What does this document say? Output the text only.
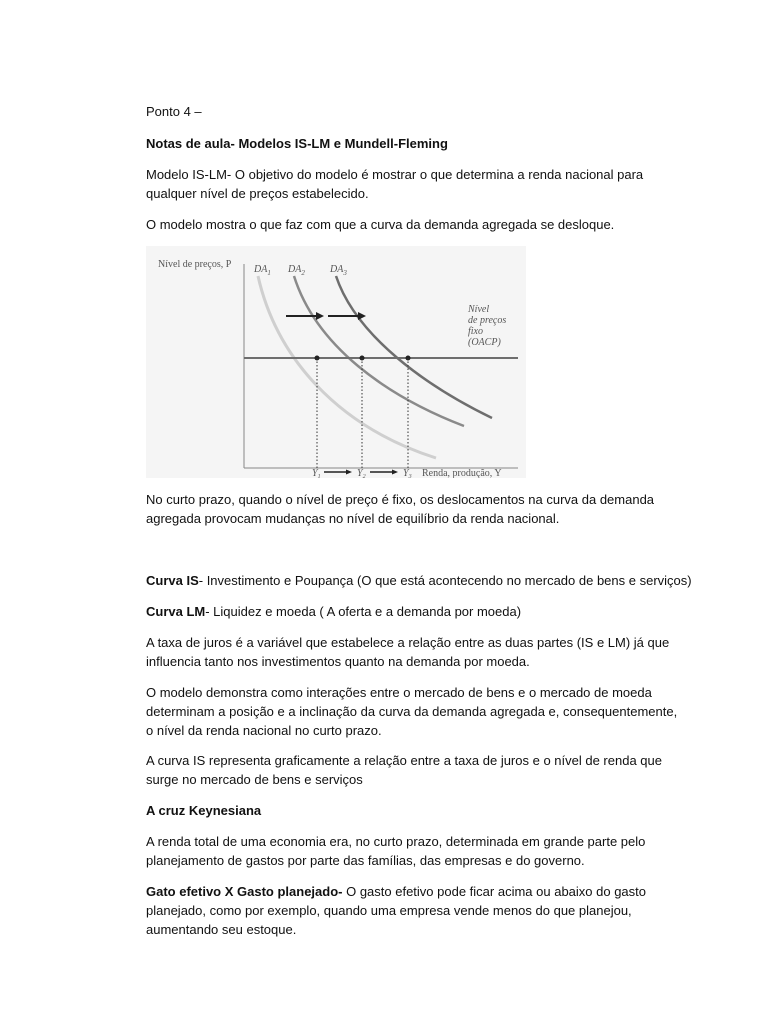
Ponto 4 –
Notas de aula- Modelos IS-LM e Mundell-Fleming
Modelo IS-LM- O objetivo do modelo é mostrar o que determina a renda nacional para qualquer nível de preços estabelecido.
O modelo mostra o que faz com que a curva da demanda agregada se desloque.
Nível de preços, P $DA_1$ $DA_2$	$DA_3$
Nível
de preços
fixo
(OACP)
$Y_1$	$Y_2$	$Y_3$ Renda, produção, Y
No curto prazo, quando o nível de preço é fixo, os deslocamentos na curva da demanda agregada provocam mudanças no nível de equilíbrio da renda nacional.
Curva IS- Investimento e Poupança (O que está acontecendo no mercado de bens e serviços)
Curva LM- Liquidez e moeda ( A oferta e a demanda por moeda)
A taxa de juros é a variável que estabelece a relação entre as duas partes (IS e LM) já que influencia tanto nos investimentos quanto na demanda por moeda.
O modelo demonstra como interações entre o mercado de bens e o mercado de moeda determinam a posição e a inclinação da curva da demanda agregada e, consequentemente, o nível da renda nacional no curto prazo.
A curva IS representa graficamente a relação entre a taxa de juros e o nível de renda que surge no mercado de bens e serviços
A cruz Keynesiana
A renda total de uma economia era, no curto prazo, determinada em grande parte pelo planejamento de gastos por parte das famílias, das empresas e do governo.
Gato efetivo X Gasto planejado- O gasto efetivo pode ficar acima ou abaixo do gasto planejado, como por exemplo, quando uma empresa vende menos do que planejou, aumentando seu estoque.
